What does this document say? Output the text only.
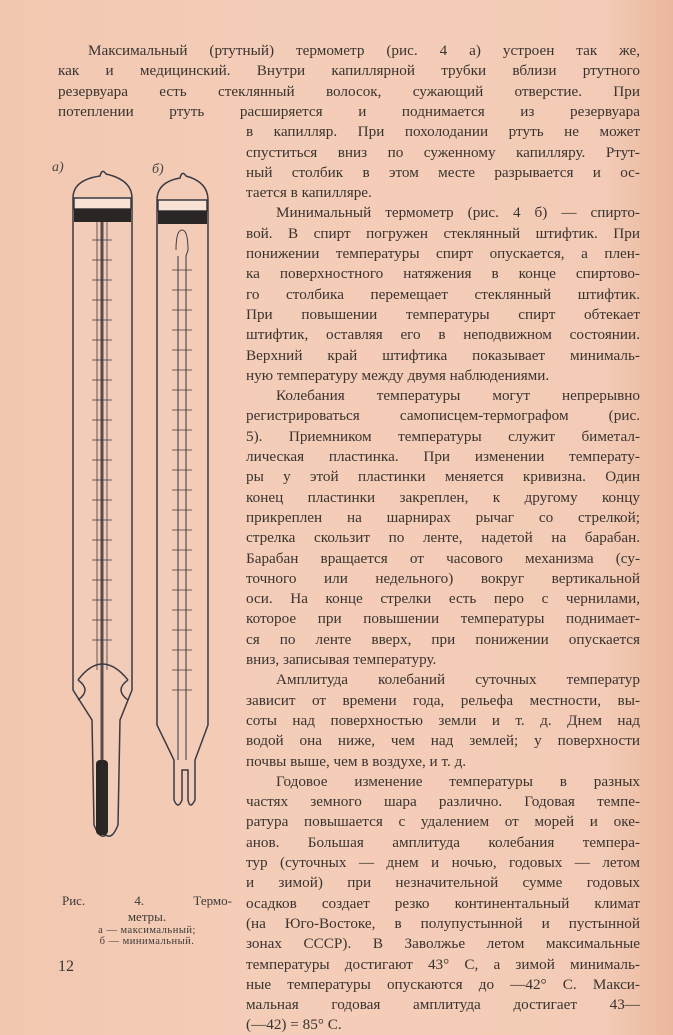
Максимальный (ртутный) термометр (рис. 4 а) устроен так же,
как и медицинский. Внутри капиллярной трубки вблизи ртутного
резервуара есть стеклянный волосок, сужающий отверстие. При
потеплении ртуть расширяется и поднимается из резервуара
в капилляр. При похолодании ртуть не может
спуститься вниз по суженному капилляру. Ртут-
ный столбик в этом месте разрывается и ос-
тается в капилляре.
Минимальный термометр (рис. 4 б) — спирто-
вой. В спирт погружен стеклянный штифтик. При
понижении температуры спирт опускается, а плен-
ка поверхностного натяжения в конце спиртово-
го столбика перемещает стеклянный штифтик.
При повышении температуры спирт обтекает
штифтик, оставляя его в неподвижном состоянии.
Верхний край штифтика показывает минималь-
ную температуру между двумя наблюдениями.
Колебания температуры могут непрерывно
регистрироваться самописцем-термографом (рис.
5). Приемником температуры служит биметал-
лическая пластинка. При изменении температу-
ры у этой пластинки меняется кривизна. Один
конец пластинки закреплен, к другому концу
прикреплен на шарнирах рычаг со стрелкой;
стрелка скользит по ленте, надетой на барабан.
Барабан вращается от часового механизма (су-
точного или недельного) вокруг вертикальной
оси. На конце стрелки есть перо с чернилами,
которое при повышении температуры поднимает-
ся по ленте вверх, при понижении опускается
вниз, записывая температуру.
Амплитуда колебаний суточных температур
зависит от времени года, рельефа местности, вы-
соты над поверхностью земли и т. д. Днем над
водой она ниже, чем над землей; у поверхности
почвы выше, чем в воздухе, и т. д.
Годовое изменение температуры в разных
частях земного шара различно. Годовая темпе-
ратура повышается с удалением от морей и оке-
анов. Большая амплитуда колебания темпера-
тур (суточных — днем и ночью, годовых — летом
и зимой) при незначительной сумме годовых
осадков создает резко континентальный климат
(на Юго-Востоке, в полупустынной и пустынной
зонах СССР). В Заволжье летом максимальные
температуры достигают 43° С, а зимой минималь-
ные температуры опускаются до —42° С. Макси-
мальная годовая амплитуда достигает 43—
(—42) = 85° С.
а)	б)
Рис. 4. Термо-
метры.
а — максимальный;
б — минимальный.
12
